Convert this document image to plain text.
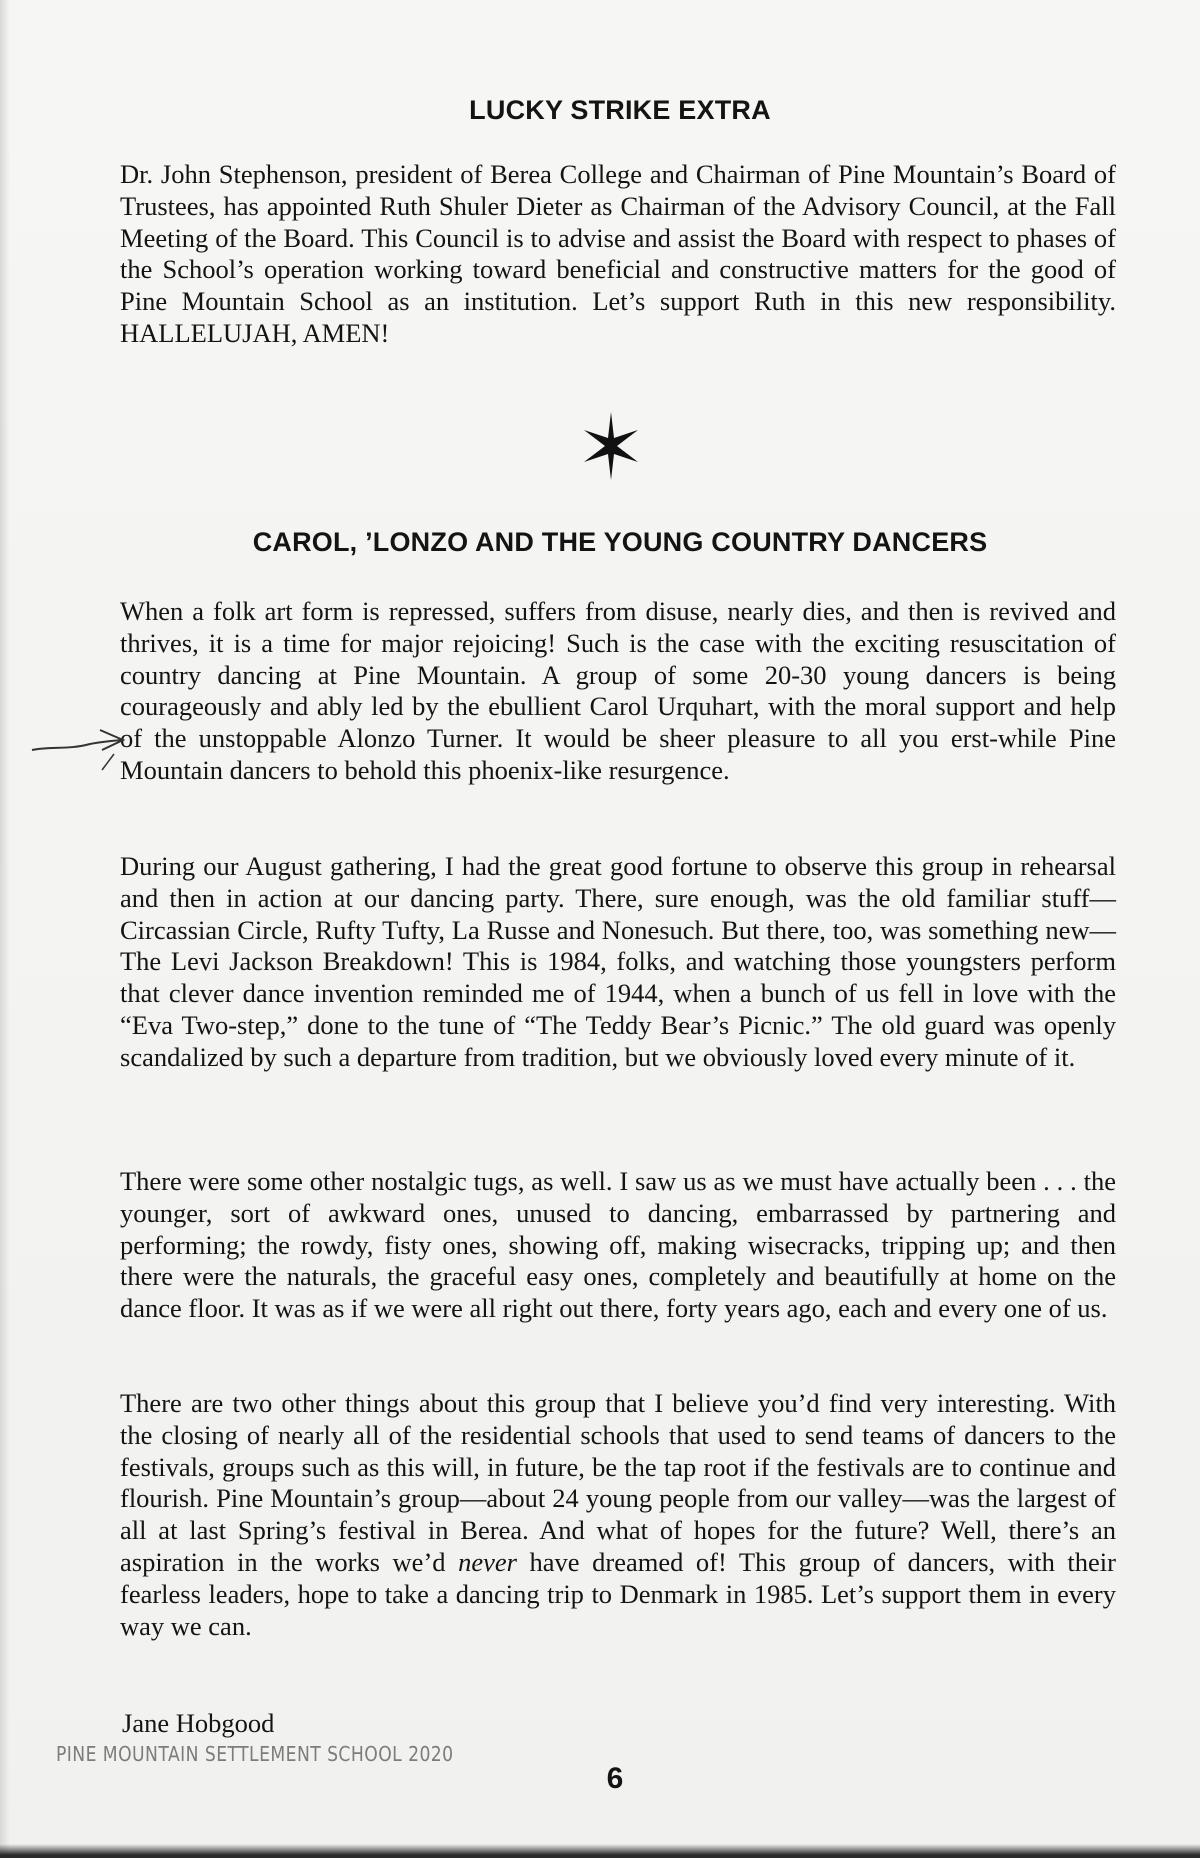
LUCKY STRIKE EXTRA

Dr. John Stephenson, president of Berea College and Chairman of Pine Mountain’s Board of Trustees, has appointed Ruth Shuler Dieter as Chairman of the Advisory Council, at the Fall Meeting of the Board. This Council is to advise and assist the Board with respect to phases of the School’s operation working toward beneficial and constructive matters for the good of Pine Mountain School as an institution. Let’s support Ruth in this new responsibility. HALLELUJAH, AMEN!

CAROL, ’LONZO AND THE YOUNG COUNTRY DANCERS

When a folk art form is repressed, suffers from disuse, nearly dies, and then is revived and thrives, it is a time for major rejoicing! Such is the case with the exciting resuscitation of country dancing at Pine Mountain. A group of some 20-30 young dancers is being courageously and ably led by the ebullient Carol Urquhart, with the moral support and help of the unstoppable Alonzo Turner. It would be sheer pleasure to all you erst-while Pine Mountain dancers to behold this phoenix-like resurgence.

During our August gathering, I had the great good fortune to observe this group in rehearsal and then in action at our dancing party. There, sure enough, was the old familiar stuff—Circassian Circle, Rufty Tufty, La Russe and Nonesuch. But there, too, was something new—The Levi Jackson Breakdown! This is 1984, folks, and watching those youngsters perform that clever dance invention reminded me of 1944, when a bunch of us fell in love with the “Eva Two-step,” done to the tune of “The Teddy Bear’s Picnic.” The old guard was openly scandalized by such a departure from tradition, but we obviously loved every minute of it.

There were some other nostalgic tugs, as well. I saw us as we must have actually been . . . the younger, sort of awkward ones, unused to dancing, embarrassed by partnering and performing; the rowdy, fisty ones, showing off, making wisecracks, tripping up; and then there were the naturals, the graceful easy ones, completely and beautifully at home on the dance floor. It was as if we were all right out there, forty years ago, each and every one of us.

There are two other things about this group that I believe you’d find very interesting. With the closing of nearly all of the residential schools that used to send teams of dancers to the festivals, groups such as this will, in future, be the tap root if the festivals are to continue and flourish. Pine Mountain’s group—about 24 young people from our valley—was the largest of all at last Spring’s festival in Berea. And what of hopes for the future? Well, there’s an aspiration in the works we’d never have dreamed of! This group of dancers, with their fearless leaders, hope to take a dancing trip to Denmark in 1985. Let’s support them in every way we can.

Jane Hobgood
PINE MOUNTAIN SETTLEMENT SCHOOL 2020
6
